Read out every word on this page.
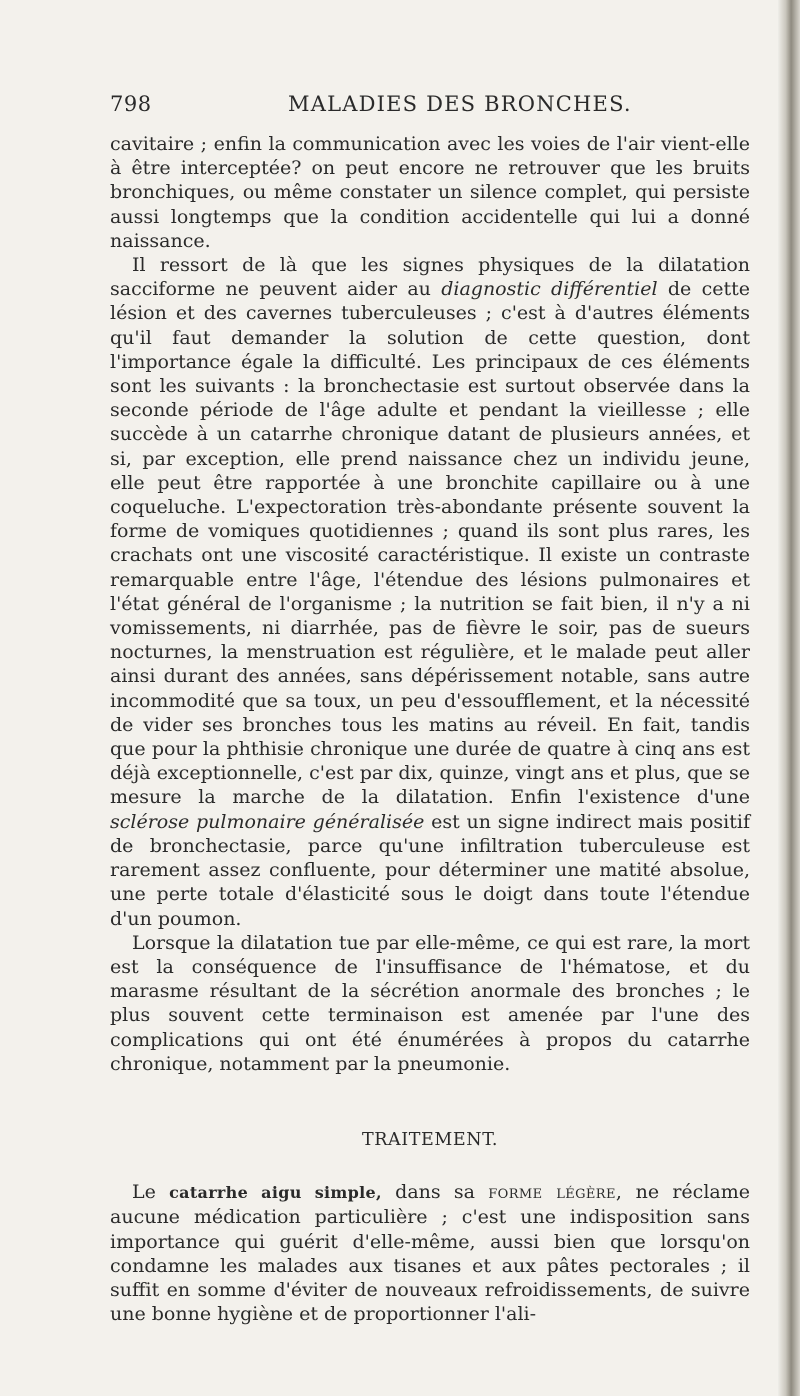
798	MALADIES DES BRONCHES.

cavitaire ; enfin la communication avec les voies de l'air vient-elle à être interceptée? on peut encore ne retrouver que les bruits bronchiques, ou même constater un silence complet, qui persiste aussi longtemps que la condition accidentelle qui lui a donné naissance.

Il ressort de là que les signes physiques de la dilatation sacciforme ne peuvent aider au diagnostic différentiel de cette lésion et des cavernes tuberculeuses ; c'est à d'autres éléments qu'il faut demander la solution de cette question, dont l'importance égale la difficulté. Les principaux de ces éléments sont les suivants : la bronchectasie est surtout observée dans la seconde période de l'âge adulte et pendant la vieillesse ; elle succède à un catarrhe chronique datant de plusieurs années, et si, par exception, elle prend naissance chez un individu jeune, elle peut être rapportée à une bronchite capillaire ou à une coqueluche. L'expectoration très-abondante présente souvent la forme de vomiques quotidiennes ; quand ils sont plus rares, les crachats ont une viscosité caractéristique. Il existe un contraste remarquable entre l'âge, l'étendue des lésions pulmonaires et l'état général de l'organisme ; la nutrition se fait bien, il n'y a ni vomissements, ni diarrhée, pas de fièvre le soir, pas de sueurs nocturnes, la menstruation est régulière, et le malade peut aller ainsi durant des années, sans dépérissement notable, sans autre incommodité que sa toux, un peu d'essoufflement, et la nécessité de vider ses bronches tous les matins au réveil. En fait, tandis que pour la phthisie chronique une durée de quatre à cinq ans est déjà exceptionnelle, c'est par dix, quinze, vingt ans et plus, que se mesure la marche de la dilatation. Enfin l'existence d'une sclérose pulmonaire généralisée est un signe indirect mais positif de bronchectasie, parce qu'une infiltration tuberculeuse est rarement assez confluente, pour déterminer une matité absolue, une perte totale d'élasticité sous le doigt dans toute l'étendue d'un poumon.

Lorsque la dilatation tue par elle-même, ce qui est rare, la mort est la conséquence de l'insuffisance de l'hématose, et du marasme résultant de la sécrétion anormale des bronches ; le plus souvent cette terminaison est amenée par l'une des complications qui ont été énumérées à propos du catarrhe chronique, notamment par la pneumonie.

TRAITEMENT.

Le catarrhe aigu simple, dans sa forme légère, ne réclame aucune médication particulière ; c'est une indisposition sans importance qui guérit d'elle-même, aussi bien que lorsqu'on condamne les malades aux tisanes et aux pâtes pectorales ; il suffit en somme d'éviter de nouveaux refroidissements, de suivre une bonne hygiène et de proportionner l'ali-
